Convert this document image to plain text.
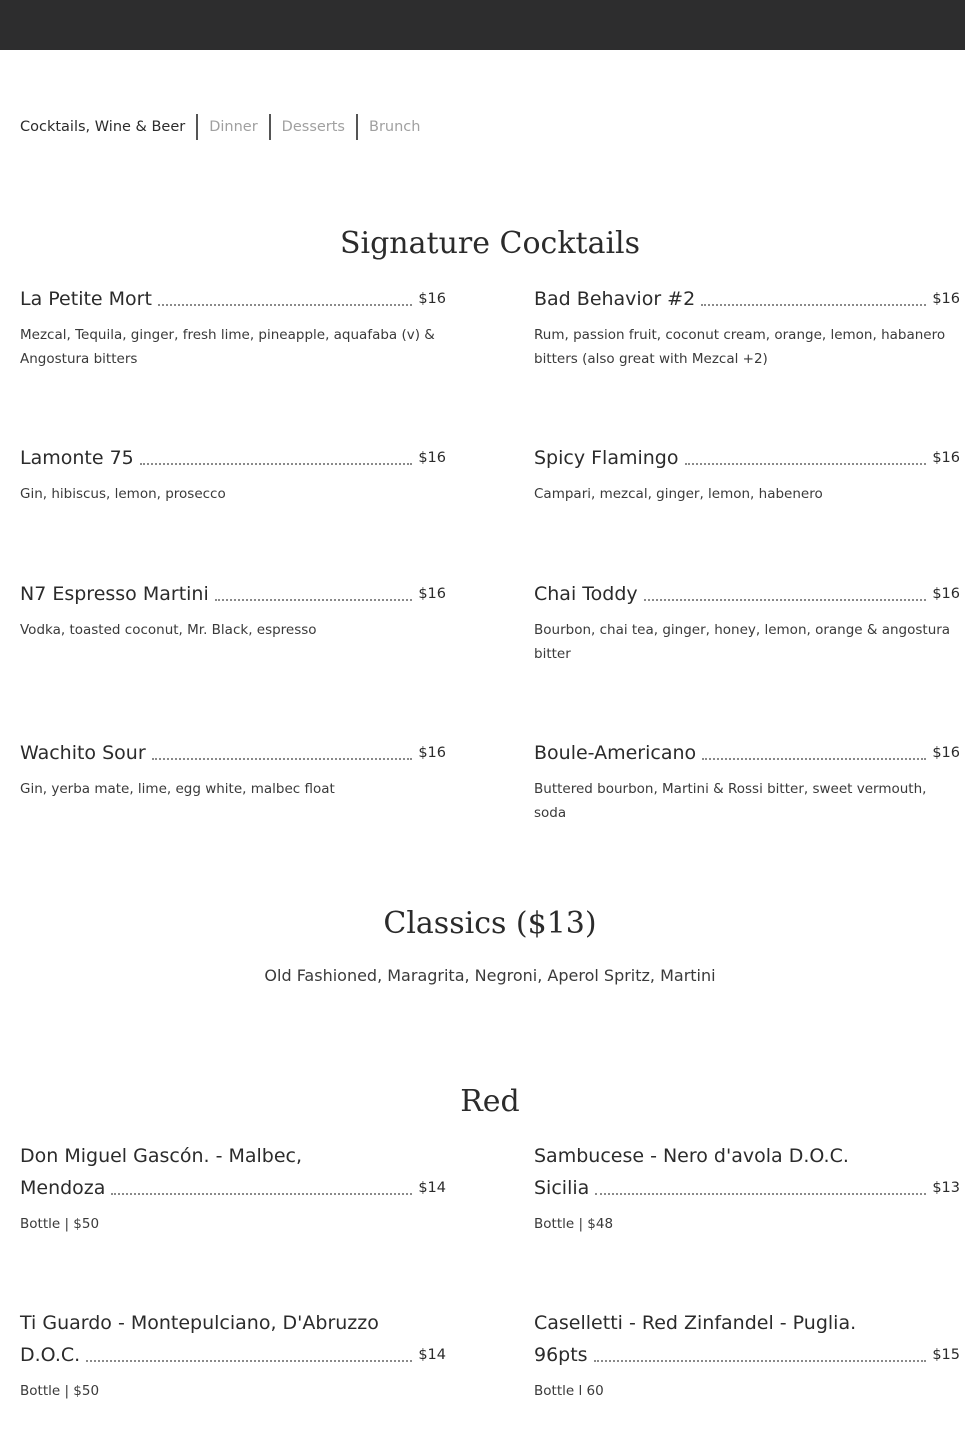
Cocktails, Wine & Beer Dinner Desserts Brunch
Signature Cocktails
La Petite Mort	$16
Mezcal, Tequila, ginger, fresh lime, pineapple, aquafaba (v) & Angostura bitters
Bad Behavior #2	$16
Rum, passion fruit, coconut cream, orange, lemon, habanero bitters (also great with Mezcal +2)
Lamonte 75	$16
Gin, hibiscus, lemon, prosecco
Spicy Flamingo	$16
Campari, mezcal, ginger, lemon, habenero
N7 Espresso Martini	$16
Vodka, toasted coconut, Mr. Black, espresso
Chai Toddy	$16
Bourbon, chai tea, ginger, honey, lemon, orange & angostura bitter
Wachito Sour	$16
Gin, yerba mate, lime, egg white, malbec float
Boule-Americano	$16
Buttered bourbon, Martini & Rossi bitter, sweet vermouth, soda
Classics ($13)
Old Fashioned, Maragrita, Negroni, Aperol Spritz, Martini
Red
Don Miguel Gascón. - Malbec,
Mendoza	$14
Bottle | $50
Sambucese - Nero d'avola D.O.C.
Sicilia	$13
Bottle | $48
Ti Guardo - Montepulciano, D'Abruzzo
D.O.C.	$14
Bottle | $50
Caselletti - Red Zinfandel - Puglia.
96pts	$15
Bottle l 60
